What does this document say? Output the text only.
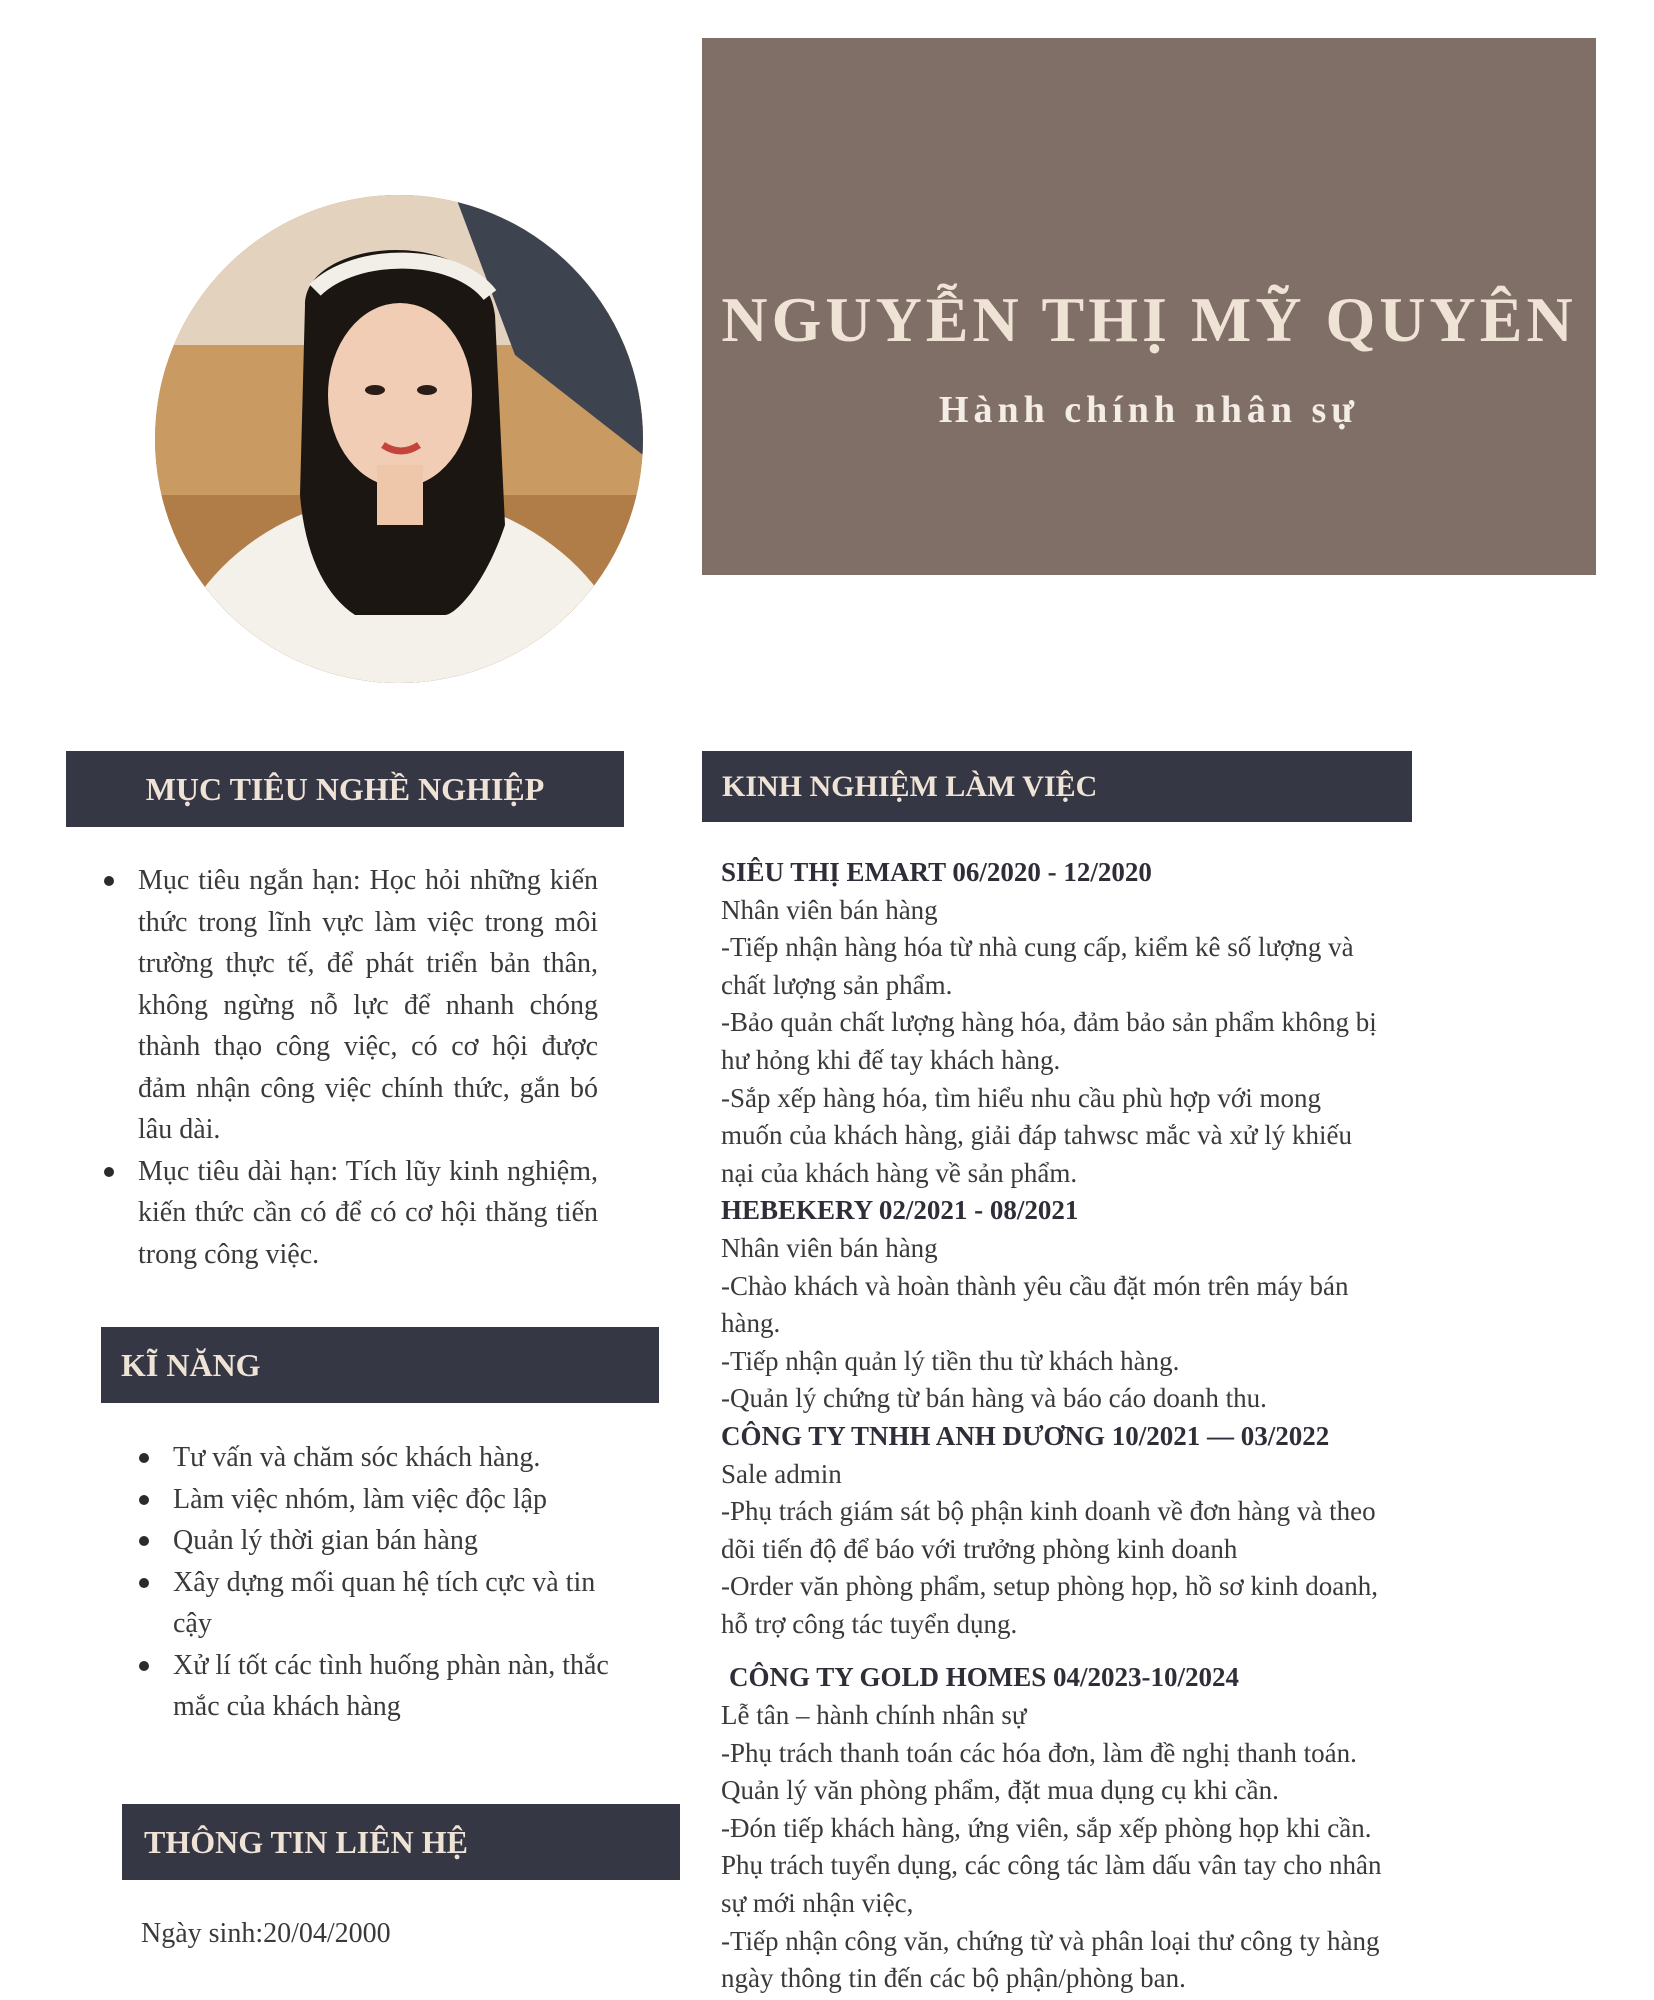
NGUYỄN THỊ MỸ QUYÊN
Hành chính nhân sự
MỤC TIÊU NGHỀ NGHIỆP
Mục tiêu ngắn hạn: Học hỏi những kiến thức trong lĩnh vực làm việc trong môi trường thực tế, để phát triển bản thân, không ngừng nỗ lực để nhanh chóng thành thạo công việc, có cơ hội được đảm nhận công việc chính thức, gắn bó lâu dài.
Mục tiêu dài hạn: Tích lũy kinh nghiệm, kiến thức cần có để có cơ hội thăng tiến trong công việc.
KĨ NĂNG
Tư vấn và chăm sóc khách hàng.
Làm việc nhóm, làm việc độc lập
Quản lý thời gian bán hàng
Xây dựng mối quan hệ tích cực và tin cậy
Xử lí tốt các tình huống phàn nàn, thắc mắc của khách hàng
THÔNG TIN LIÊN HỆ
Ngày sinh:20/04/2000
KINH NGHIỆM LÀM VIỆC
SIÊU THỊ EMART 06/2020 - 12/2020
Nhân viên bán hàng
-Tiếp nhận hàng hóa từ nhà cung cấp, kiểm kê số lượng và chất lượng sản phẩm.
-Bảo quản chất lượng hàng hóa, đảm bảo sản phẩm không bị hư hỏng khi đế tay khách hàng.
-Sắp xếp hàng hóa, tìm hiểu nhu cầu phù hợp với mong muốn của khách hàng, giải đáp tahwsc mắc và xử lý khiếu nại của khách hàng về sản phẩm.
HEBEKERY 02/2021 - 08/2021
Nhân viên bán hàng
-Chào khách và hoàn thành yêu cầu đặt món trên máy bán hàng.
-Tiếp nhận quản lý tiền thu từ khách hàng.
-Quản lý chứng từ bán hàng và báo cáo doanh thu.
CÔNG TY TNHH ANH DƯƠNG 10/2021 — 03/2022
Sale admin
-Phụ trách giám sát bộ phận kinh doanh về đơn hàng và theo dõi tiến độ để báo với trưởng phòng kinh doanh
-Order văn phòng phẩm, setup phòng họp, hồ sơ kinh doanh, hỗ trợ công tác tuyển dụng.
CÔNG TY GOLD HOMES 04/2023-10/2024
Lễ tân – hành chính nhân sự
-Phụ trách thanh toán các hóa đơn, làm đề nghị thanh toán. Quản lý văn phòng phẩm, đặt mua dụng cụ khi cần.
-Đón tiếp khách hàng, ứng viên, sắp xếp phòng họp khi cần. Phụ trách tuyển dụng, các công tác làm dấu vân tay cho nhân sự mới nhận việc,
-Tiếp nhận công văn, chứng từ và phân loại thư công ty hàng ngày thông tin đến các bộ phận/phòng ban.
